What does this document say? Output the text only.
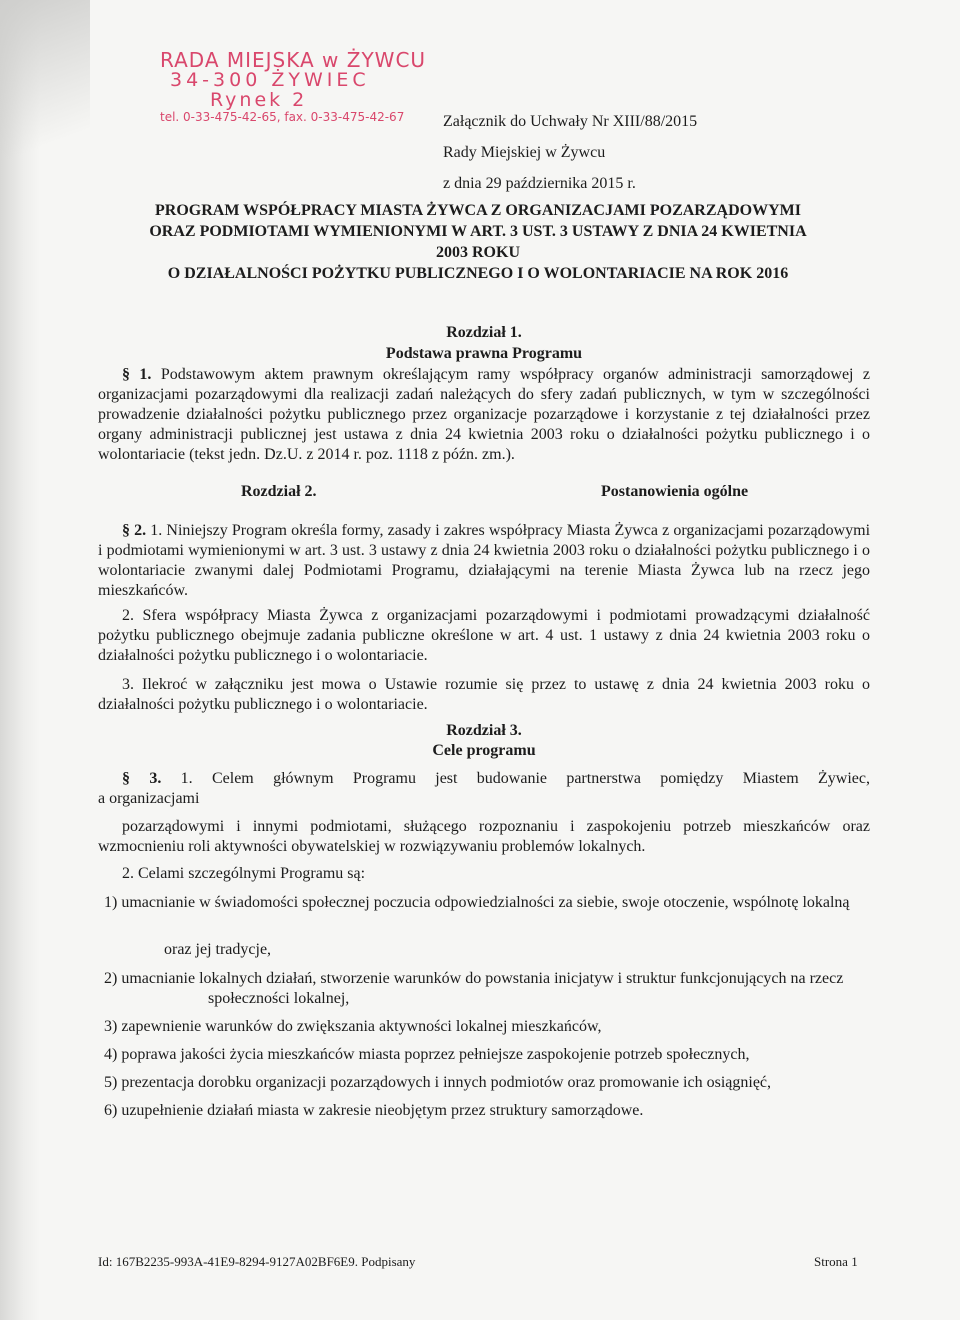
RADA MIEJSKA w ŻYWCU
34-300 ŻYWIEC
Rynek 2
tel. 0-33-475-42-65, fax. 0-33-475-42-67	Załącznik do Uchwały Nr XIII/88/2015
Rady Miejskiej w Żywcu
z dnia 29 października 2015 r.
PROGRAM WSPÓŁPRACY MIASTA ŻYWCA Z ORGANIZACJAMI POZARZĄDOWYMI
ORAZ PODMIOTAMI WYMIENIONYMI W ART. 3 UST. 3 USTAWY Z DNIA 24 KWIETNIA
2003 ROKU
O DZIAŁALNOŚCI POŻYTKU PUBLICZNEGO I O WOLONTARIACIE NA ROK 2016
Rozdział 1.
Podstawa prawna Programu
§ 1. Podstawowym aktem prawnym określającym ramy współpracy organów administracji samorządowej z organizacjami pozarządowymi dla realizacji zadań należących do sfery zadań publicznych, w tym w szczególności prowadzenie działalności pożytku publicznego przez organizacje pozarządowe i korzystanie z tej działalności przez organy administracji publicznej jest ustawa z dnia 24 kwietnia 2003 roku o działalności pożytku publicznego i o wolontariacie (tekst jedn. Dz.U. z 2014 r. poz. 1118 z późn. zm.).
Rozdział 2.	Postanowienia ogólne
§ 2. 1. Niniejszy Program określa formy, zasady i zakres współpracy Miasta Żywca z organizacjami pozarządowymi i podmiotami wymienionymi w art. 3 ust. 3 ustawy z dnia 24 kwietnia 2003 roku o działalności pożytku publicznego i o wolontariacie zwanymi dalej Podmiotami Programu, działającymi na terenie Miasta Żywca lub na rzecz jego mieszkańców.
2. Sfera współpracy Miasta Żywca z organizacjami pozarządowymi i podmiotami prowadzącymi działalność pożytku publicznego obejmuje zadania publiczne określone w art. 4 ust. 1 ustawy z dnia 24 kwietnia 2003 roku o działalności pożytku publicznego i o wolontariacie.
3. Ilekroć w załączniku jest mowa o Ustawie rozumie się przez to ustawę z dnia 24 kwietnia 2003 roku o działalności pożytku publicznego i o wolontariacie.
Rozdział 3.
Cele programu
§ 3. 1. Celem głównym Programu jest budowanie partnerstwa pomiędzy Miastem Żywiec,
a organizacjami
pozarządowymi i innymi podmiotami, służącego rozpoznaniu i zaspokojeniu potrzeb mieszkańców oraz wzmocnieniu roli aktywności obywatelskiej w rozwiązywaniu problemów lokalnych.
2. Celami szczególnymi Programu są:
1) umacnianie w świadomości społecznej poczucia odpowiedzialności za siebie, swoje otoczenie, wspólnotę lokalną
oraz jej tradycje,
2) umacnianie lokalnych działań, stworzenie warunków do powstania inicjatyw i struktur funkcjonujących na rzecz
społeczności lokalnej,
3) zapewnienie warunków do zwiększania aktywności lokalnej mieszkańców,
4) poprawa jakości życia mieszkańców miasta poprzez pełniejsze zaspokojenie potrzeb społecznych,
5) prezentacja dorobku organizacji pozarządowych i innych podmiotów oraz promowanie ich osiągnięć,
6) uzupełnienie działań miasta w zakresie nieobjętym przez struktury samorządowe.
Id: 167B2235-993A-41E9-8294-9127A02BF6E9. Podpisany	Strona 1
